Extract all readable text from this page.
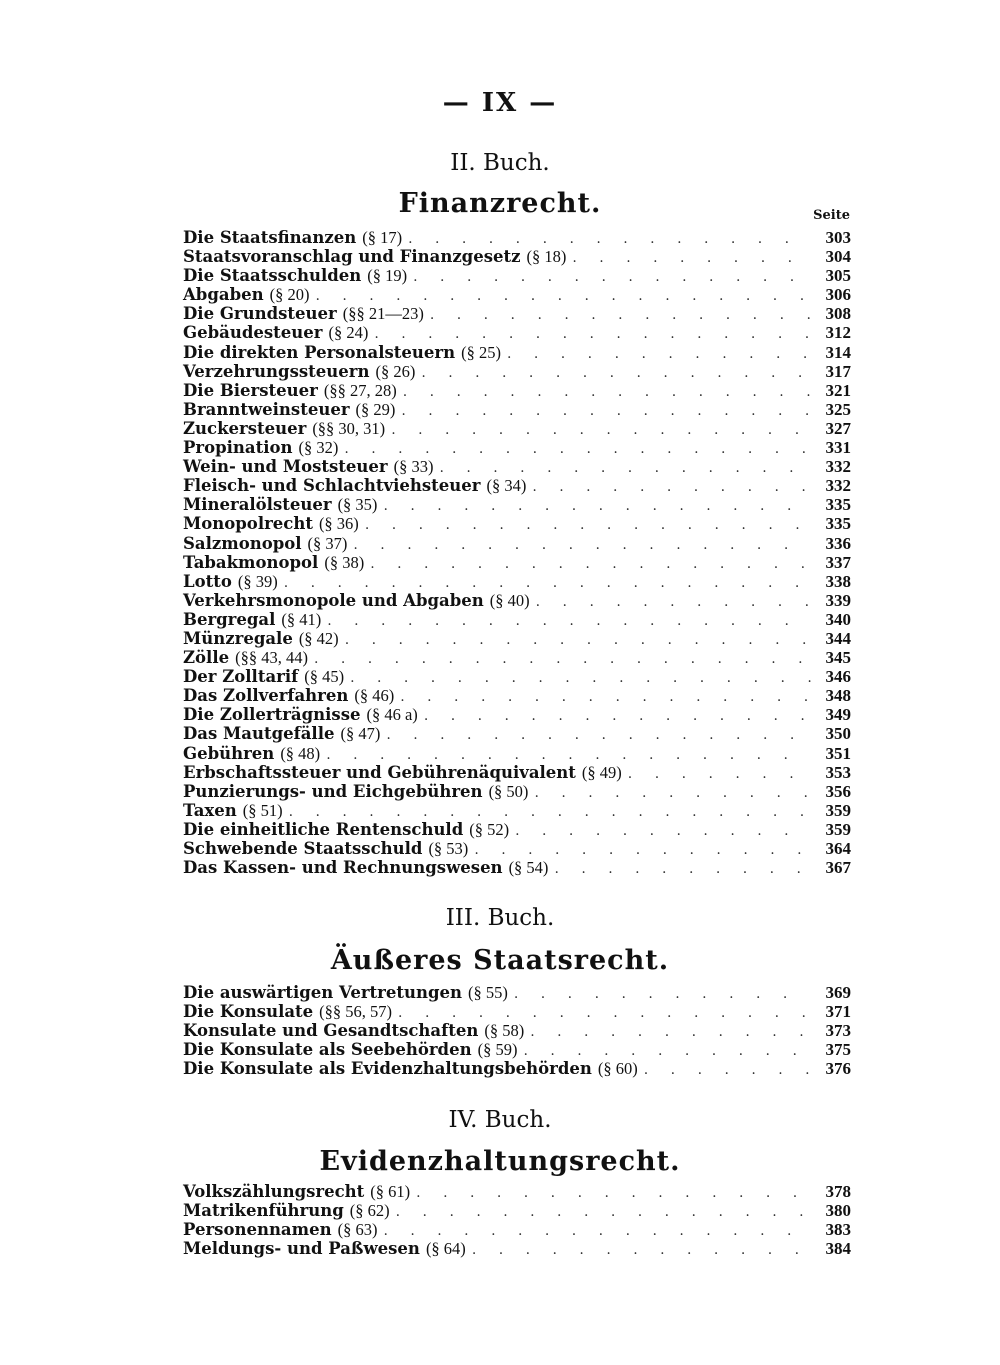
— IX —
II. Buch.
Finanzrecht.	Seite
Die Staatsfinanzen (§ 17) . . .	303
Staatsvoranschlag und Finanzgesetz (§ 18) . . .	304
Die Staatsschulden (§ 19) . . .	305
Abgaben (§ 20) . . .	306
Die Grundsteuer (§§ 21—23) . . .	308
Gebäudesteuer (§ 24) . . .	312
Die direkten Personalsteuern (§ 25) . . .	314
Verzehrungssteuern (§ 26) . . .	317
Die Biersteuer (§§ 27, 28) . . .	321
Branntweinsteuer (§ 29) . . .	325
Zuckersteuer (§§ 30, 31) . . .	327
Propination (§ 32) . . .	331
Wein- und Moststeuer (§ 33) . . .	332
Fleisch- und Schlachtviehsteuer (§ 34) . . .	332
Mineralölsteuer (§ 35) . . .	335
Monopolrecht (§ 36) . . .	335
Salzmonopol (§ 37) . . .	336
Tabakmonopol (§ 38) . . .	337
Lotto (§ 39) . . .	338
Verkehrsmonopole und Abgaben (§ 40) . . .	339
Bergregal (§ 41) . . .	340
Münzregale (§ 42) . . .	344
Zölle (§§ 43, 44) . . .	345
Der Zolltarif (§ 45) . . .	346
Das Zollverfahren (§ 46) . . .	348
Die Zollerträgnisse (§ 46 a) . . .	349
Das Mautgefälle (§ 47) . . .	350
Gebühren (§ 48) . . .	351
Erbschaftssteuer und Gebührenäquivalent (§ 49) . . .	353
Punzierungs- und Eichgebühren (§ 50) . . .	356
Taxen (§ 51) . . .	359
Die einheitliche Rentenschuld (§ 52) . . .	359
Schwebende Staatsschuld (§ 53) . . .	364
Das Kassen- und Rechnungswesen (§ 54) . . .	367
III. Buch.
Äußeres Staatsrecht.
Die auswärtigen Vertretungen (§ 55) . . .	369
Die Konsulate (§§ 56, 57) . . .	371
Konsulate und Gesandtschaften (§ 58) . . .	373
Die Konsulate als Seebehörden (§ 59) . . .	375
Die Konsulate als Evidenzhaltungsbehörden (§ 60) . . .	376
IV. Buch.
Evidenzhaltungsrecht.
Volkszählungsrecht (§ 61) . . .	378
Matrikenführung (§ 62) . . .	380
Personennamen (§ 63) . . .	383
Meldungs- und Paßwesen (§ 64) . . .	384
